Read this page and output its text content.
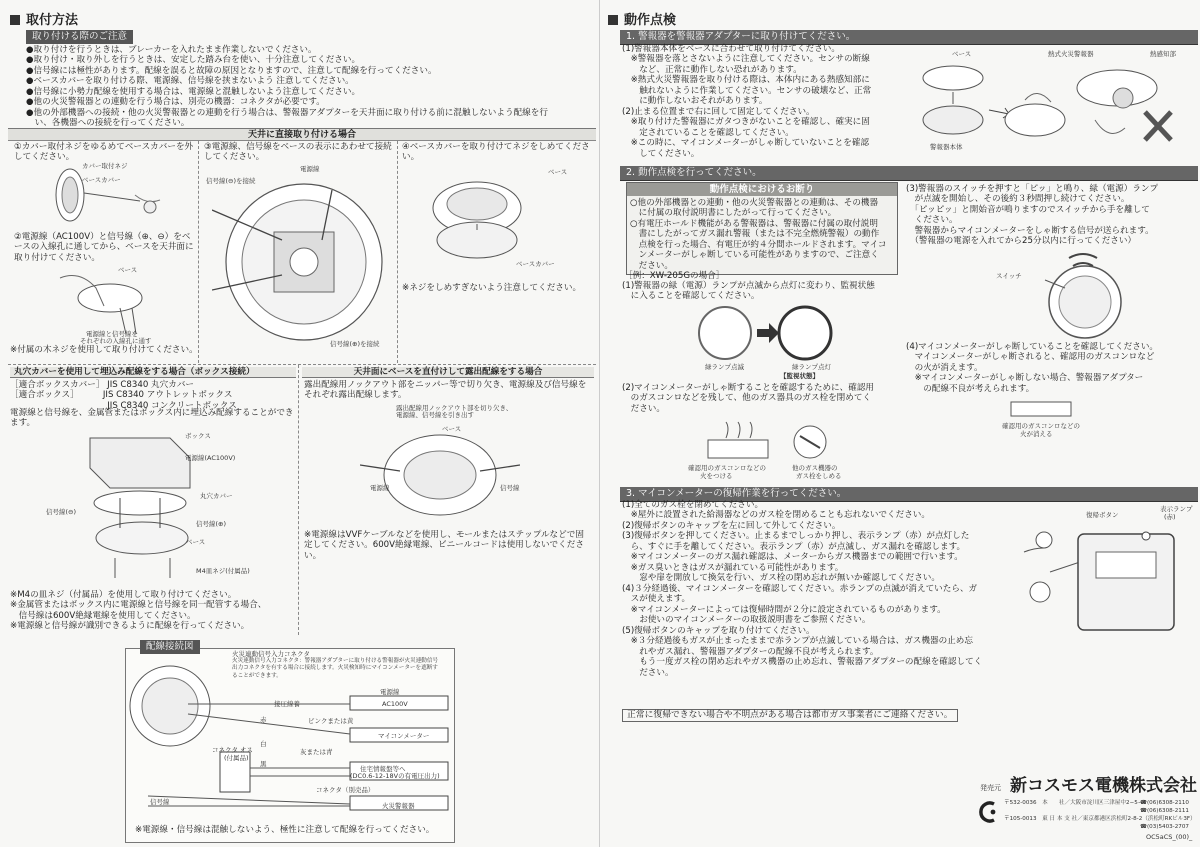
取付方法
取り付ける際のご注意

●取り付けを行うときは、ブレーカーを入れたまま作業しないでください。

●取り付け・取り外しを行うときは、安定した踏み台を使い、十分注意してください。

●信号線には極性があります。配線を誤ると故障の原因となりますので、注意して配線を行ってください。

●ベースカバーを取り付ける際、電源線、信号線を挟まないよう 注意してください。

●信号線に小勢力配線を使用する場合は、電源線と混触しないよう注意してください。

●他の火災警報器との連動を行う場合は、別売の機器：コネクタが必要です。

●他の外部機器への接続・他の火災警報器との連動を行う場合は、警報器アダプターを天井面に取り付ける前に混触しないよう配線を行

　い、各機器への接続を行ってください。

天井に直接取り付ける場合
①カバー取付ネジをゆるめてベースカバーを外してください。
カバー取付ネジ
ベースカバー
②電源線（AC100V）と信号線（⊕、⊖）をベースの入線孔に通してから、ベースを天井面に取り付けてください。
ベース
電源線と信号線を
それぞれの入線孔に通す
※付属の木ネジを使用して取り付けてください。
③電源線、信号線をベースの表示にあわせて接続してください。
信号線(⊖)を接続
電源線
信号線(⊕)を接続
④ベースカバーを取り付けてネジをしめてください。
ベース
ベースカバー
※ネジをしめすぎないよう注意してください。
丸穴カバーを使用して埋込み配線をする場合（ボックス接続）

［適合ボックスカバー］ JIS C8340 丸穴カバー

［適合ボックス］　　　 JIS C8340 アウトレットボックス

　　　　　　　　　　　 JIS C8340 コンクリートボックス

電源線と信号線を、金属管またはボックス内に埋込み配線することができます。
ボックス
電源線(AC100V)
丸穴カバー
信号線(⊖)
信号線(⊕)
ベース
M4皿ネジ(付属品)

※M4の皿ネジ（付属品）を使用して取り付けてください。

※金属管またはボックス内に電源線と信号線を同一配管する場合、

　信号線は600V絶縁電線を使用してください。

※電源線と信号線が識別できるように配線を行ってください。

天井面にベースを直付けして露出配線をする場合
露出配線用ノックアウト部をニッパー等で切り欠き、電源線及び信号線をそれぞれ露出配線します。
露出配線用ノックアウト部を切り欠き、
電源線、信号線を引き出す
ベース
電源線	信号線
※電源線はVVFケーブルなどを使用し、モールまたはステップルなどで固定してください。600V絶縁電線、ビニールコードは使用しないでください。
配線接続図
火災連動信号入力コネクタ
火災連動信号入力コネクタ：警報器アダプターに取り付ける警報器が火災連動信号出力コネクタを有する場合に接続します。火災検知時にマイコンメーターを遮断することができます。
電源線
AC100V
ピンクまたは黄
マイコンメーター
灰または青
住宅情報盤等へ
(DC0.6-12-18Vの有電圧出力)
コネクタ オス
(付属品)
コネクタ（別売品）
火災警報器
信号線
赤
白
黒
接圧線養
※電源線・信号線は混触しないよう、極性に注意して配線を行ってください。
動作点検
1. 警報器を警報器アダプターに取り付けてください。

(1)警報器本体をベースに合わせて取り付けてください。

　※警報器を落とさないように注意してください。センサの断線

　　など、正常に動作しない恐れがあります。

　※熱式火災警報器を取り付ける際は、本体内にある熱感知部に

　　触れないように作業してください。センサの破壊など、正常

　　に動作しないおそれがあります。

(2)止まる位置まで右に回して固定してください。

　※取り付けた警報器にガタつきがないことを確認し、確実に固

　　定されていることを確認してください。

　※この時に、マイコンメーターがしゃ断していないことを確認

　　してください。

ベース	熱式火災警報器	熱感知部
警報器本体
2. 動作点検を行ってください。
動作点検におけるお断り

○他の外部機器との連動・他の火災警報器との連動は、その機器

　に付属の取付説明書にしたがって行ってください。

○有電圧ホールド機能がある警報器は、警報器に付属の取付説明

　書にしたがってガス漏れ警報（または不完全燃焼警報）の動作

　点検を行った場合、有電圧が約４分間ホールドされます。マイコ

　ンメーターがしゃ断している可能性がありますので、ご注意く

　ださい。

［例：XW-205Gの場合］

(1)警報器の緑（電源）ランプが点滅から点灯に変わり、監視状態

　に入ることを確認してください。

緑ランプ点滅	緑ランプ点灯
【監視状態】

(2)マイコンメーターがしゃ断することを確認するために、確認用

　のガスコンロなどを残して、他のガス器具のガス栓を閉めてく

　ださい。

確認用のガスコンロなどの
火をつける
他のガス機器の
ガス栓をしめる

(3)警報器のスイッチを押すと「ピッ」と鳴り、緑（電源）ランプ

　が点滅を開始し、その後約３秒間押し続けてください。

　「ピッピッ」と開始音が鳴りますのでスイッチから手を離して

　ください。

　警報器からマイコンメーターをしゃ断する信号が送られます。

　（警報器の電源を入れてから25分以内に行ってください）

スイッチ

(4)マイコンメーターがしゃ断していることを確認してください。

　マイコンメーターがしゃ断されると、確認用のガスコンロなど

　の火が消えます。

　※マイコンメーターがしゃ断しない場合、警報器アダプター

　　の配線不良が考えられます。

確認用のガスコンロなどの
火が消える
3. マイコンメーターの復帰作業を行ってください。

(1)全てのガス栓を閉めてください。

　※屋外に設置された給湯器などのガス栓を閉めることも忘れないでください。

(2)復帰ボタンのキャップを左に回して外してください。

(3)復帰ボタンを押してください。止まるまでしっかり押し、表示ランプ（赤）が点灯した

　ら、すぐに手を離してください。表示ランプ（赤）が点滅し、ガス漏れを確認します。

　※マイコンメーターのガス漏れ確認は、メーターからガス機器までの範囲で行います。

　※ガス臭いときはガスが漏れている可能性があります。

　　窓や扉を開放して換気を行い、ガス栓の閉め忘れが無いか確認してください。

(4)３分経過後、マイコンメーターを確認してください。赤ランプの点滅が消えていたら、ガ

　スが使えます。

　※マイコンメーターによっては復帰時間が２分に設定されているものがあります。

　　お使いのマイコンメーターの取扱説明書をご参照ください。

(5)復帰ボタンのキャップを取り付けてください。

　※３分経過後もガスが止まったままで赤ランプが点滅している場合は、ガス機器の止め忘

　　れやガス漏れ、警報器アダプターの配線不良が考えられます。

　　もう一度ガス栓の閉め忘れやガス機器の止め忘れ、警報器アダプターの配線を確認してく

　　ださい。

復帰ボタン
表示ランプ
(赤)
正常に復帰できない場合や不明点がある場合は都市ガス事業者にご連絡ください。
発売元 新コスモス電機株式会社
〒532-0036　本　　社／大阪市淀川区三津屋中2−5−4
☎(06)6308-2110
☎(06)6308-2111
〒105-0013　東 日 本 支 社／東京都港区浜松町2-8-2（浜松町RKビル3F）
☎(03)5403-2707
OC5aCS_(00)_
